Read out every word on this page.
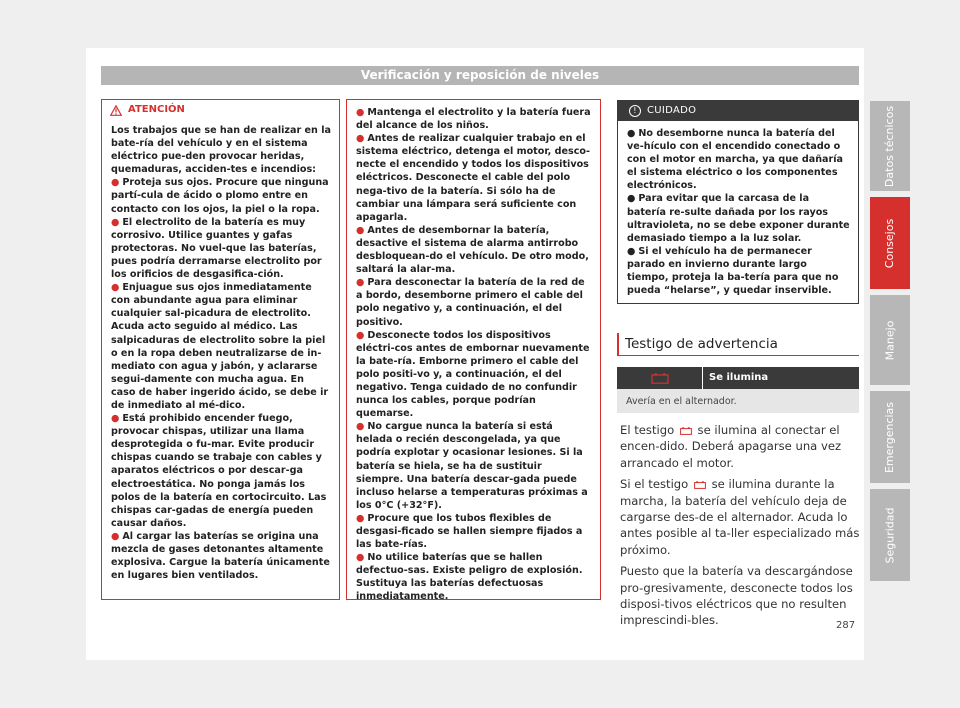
Verificación y reposición de niveles
ATENCIÓN

Los trabajos que se han de realizar en la bate-ría del vehículo y en el sistema eléctrico pue-den provocar heridas, quemaduras, acciden-tes e incendios:

● Proteja sus ojos. Procure que ninguna partí-cula de ácido o plomo entre en contacto con los ojos, la piel o la ropa.

● El electrolito de la batería es muy corrosivo. Utilice guantes y gafas protectoras. No vuel-que las baterías, pues podría derramarse electrolito por los orificios de desgasifica-ción.

● Enjuague sus ojos inmediatamente con abundante agua para eliminar cualquier sal-picadura de electrolito. Acuda acto seguido al médico. Las salpicaduras de electrolito sobre la piel o en la ropa deben neutralizarse de in-mediato con agua y jabón, y aclararse segui-damente con mucha agua. En caso de haber ingerido ácido, se debe ir de inmediato al mé-dico.

● Está prohibido encender fuego, provocar chispas, utilizar una llama desprotegida o fu-mar. Evite producir chispas cuando se trabaje con cables y aparatos eléctricos o por descar-ga electroestática. No ponga jamás los polos de la batería en cortocircuito. Las chispas car-gadas de energía pueden causar daños.

● Al cargar las baterías se origina una mezcla de gases detonantes altamente explosiva. Cargue la batería únicamente en lugares bien ventilados.

● Mantenga el electrolito y la batería fuera del alcance de los niños.

● Antes de realizar cualquier trabajo en el sistema eléctrico, detenga el motor, desco-necte el encendido y todos los dispositivos eléctricos. Desconecte el cable del polo nega-tivo de la batería. Si sólo ha de cambiar una lámpara será suficiente con apagarla.

● Antes de desembornar la batería, desactive el sistema de alarma antirrobo desbloquean-do el vehículo. De otro modo, saltará la alar-ma.

● Para desconectar la batería de la red de a bordo, desemborne primero el cable del polo negativo y, a continuación, el del positivo.

● Desconecte todos los dispositivos eléctri-cos antes de embornar nuevamente la bate-ría. Emborne primero el cable del polo positi-vo y, a continuación, el del negativo. Tenga cuidado de no confundir nunca los cables, porque podrían quemarse.

● No cargue nunca la batería si está helada o recién descongelada, ya que podría explotar y ocasionar lesiones. Si la batería se hiela, se ha de sustituir siempre. Una batería descar-gada puede incluso helarse a temperaturas próximas a los 0°C (+32°F).

● Procure que los tubos flexibles de desgasi-ficado se hallen siempre fijados a las bate-rías.

● No utilice baterías que se hallen defectuo-sas. Existe peligro de explosión. Sustituya las baterías defectuosas inmediatamente.

!	CUIDADO

● No desemborne nunca la batería del ve-hículo con el encendido conectado o con el motor en marcha, ya que dañaría el sistema eléctrico o los componentes electrónicos.

● Para evitar que la carcasa de la batería re-sulte dañada por los rayos ultravioleta, no se debe exponer durante demasiado tiempo a la luz solar.

● Si el vehículo ha de permanecer parado en invierno durante largo tiempo, proteja la ba-tería para que no pueda “helarse”, y quedar inservible.

Testigo de advertencia
Se ilumina
Avería en el alternador.

El testigo se ilumina al conectar el encen-dido. Deberá apagarse una vez arrancado el motor.

Si el testigo se ilumina durante la marcha, la batería del vehículo deja de cargarse des-de el alternador. Acuda lo antes posible al ta-ller especializado más próximo.

Puesto que la batería va descargándose pro-gresivamente, desconecte todos los disposi-tivos eléctricos que no resulten imprescindi-bles.	287
Datos técnicos
Consejos
Manejo
Emergencias
Seguridad
